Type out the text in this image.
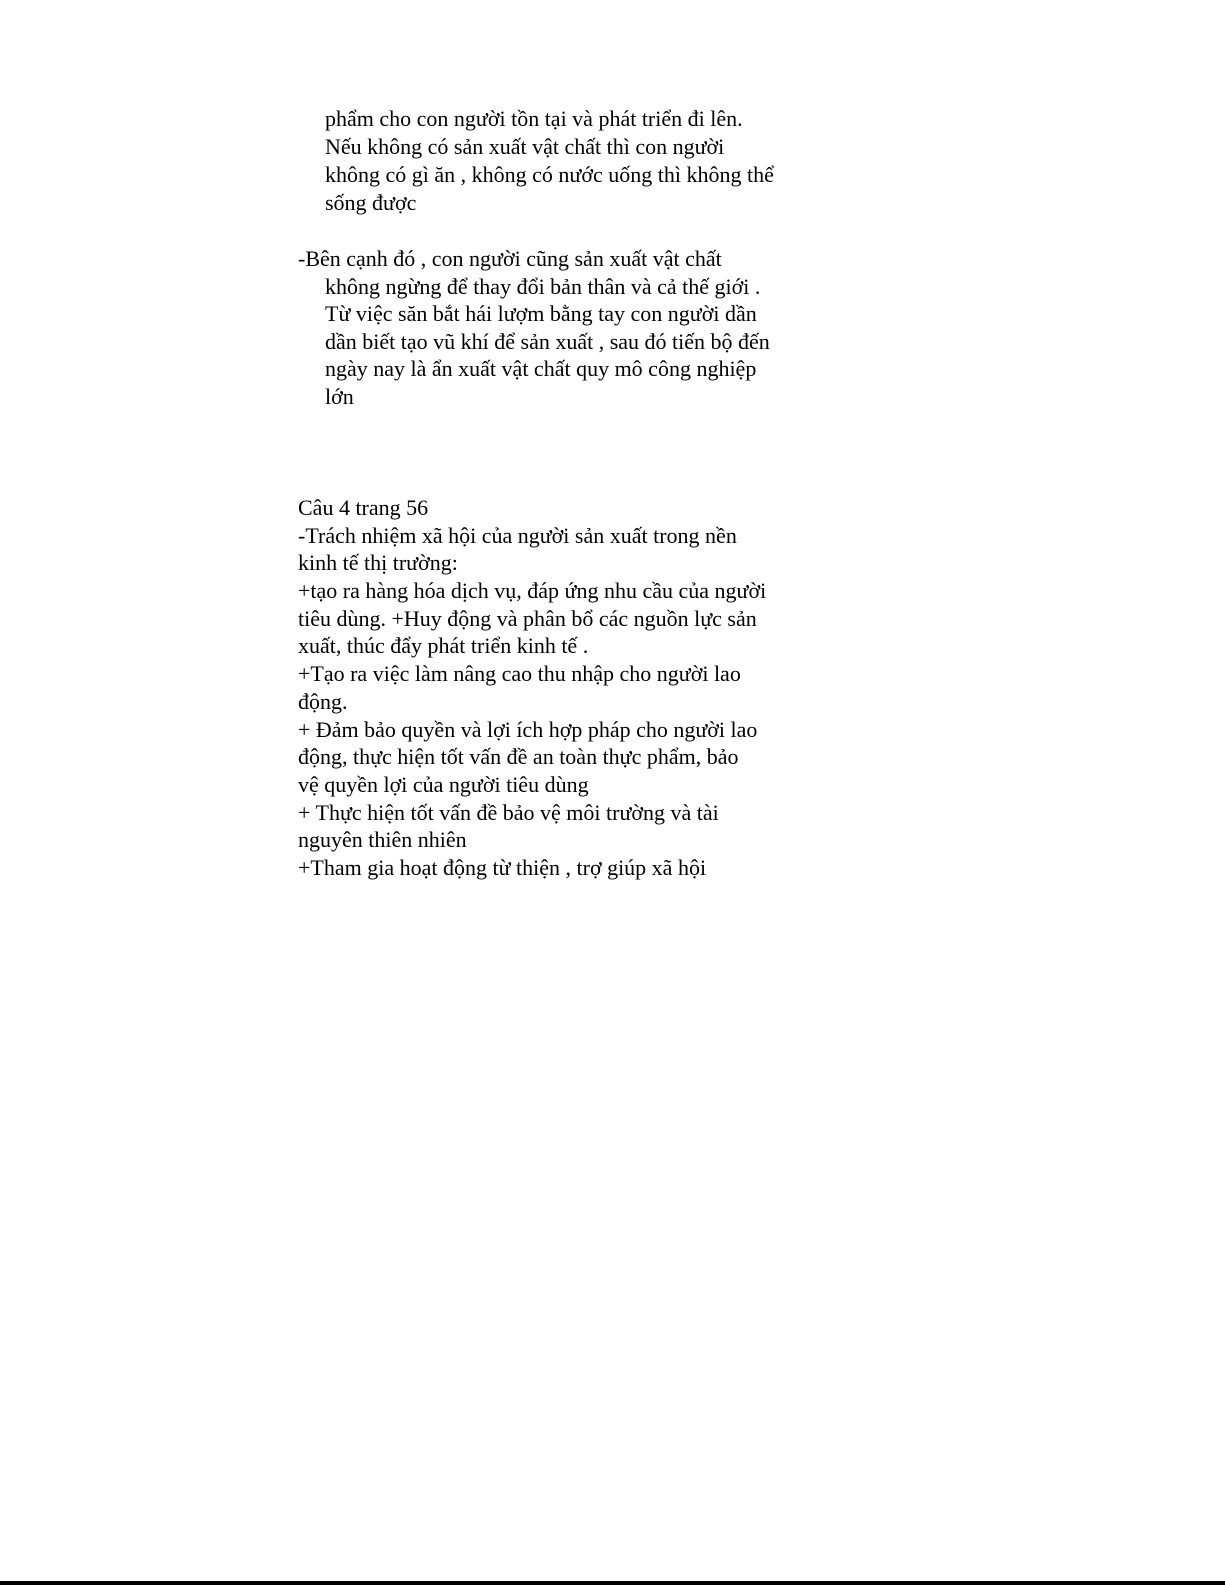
phẩm cho con người tồn tại và phát triển đi lên.

Nếu không có sản xuất vật chất thì con người

không có gì ăn , không có nước uống thì không thể

sống được

-Bên cạnh đó , con người cũng sản xuất vật chất

không ngừng để thay đổi bản thân và cả thế giới .

Từ việc săn bắt hái lượm bằng tay con người dần

dần biết tạo vũ khí để sản xuất , sau đó tiến bộ đến

ngày nay là ẩn xuất vật chất quy mô công nghiệp

lớn

Câu 4 trang 56

-Trách nhiệm xã hội của người sản xuất trong nền

kinh tế thị trường:

+tạo ra hàng hóa dịch vụ, đáp ứng nhu cầu của người

tiêu dùng. +Huy động và phân bổ các nguồn lực sản

xuất, thúc đẩy phát triển kinh tế .

+Tạo ra việc làm nâng cao thu nhập cho người lao

động.

+ Đảm bảo quyền và lợi ích hợp pháp cho người lao

động, thực hiện tốt vấn đề an toàn thực phẩm, bảo

vệ quyền lợi của người tiêu dùng

+ Thực hiện tốt vấn đề bảo vệ môi trường và tài

nguyên thiên nhiên

+Tham gia hoạt động từ thiện , trợ giúp xã hội
